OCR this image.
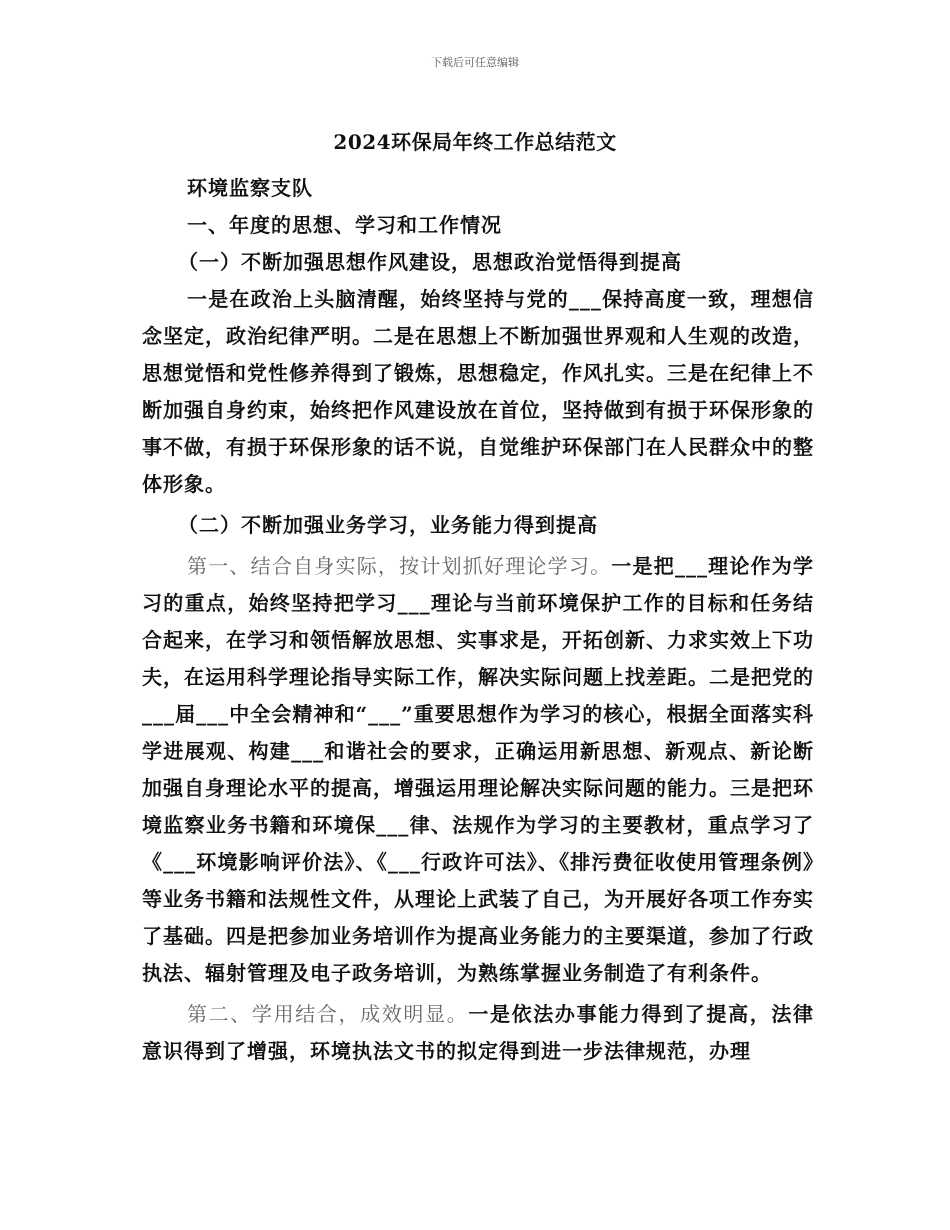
下载后可任意编辑
2024环保局年终工作总结范文

环境监察支队

一、年度的思想、学习和工作情况

（一）不断加强思想作风建设，思想政治觉悟得到提高

一是在政治上头脑清醒，始终坚持与党的___保持高度一致，理想信念坚定，政治纪律严明。二是在思想上不断加强世界观和人生观的改造，思想觉悟和党性修养得到了锻炼，思想稳定，作风扎实。三是在纪律上不断加强自身约束，始终把作风建设放在首位，坚持做到有损于环保形象的事不做，有损于环保形象的话不说，自觉维护环保部门在人民群众中的整体形象。

（二）不断加强业务学习，业务能力得到提高

第一、结合自身实际，按计划抓好理论学习。一是把___理论作为学习的重点，始终坚持把学习___理论与当前环境保护工作的目标和任务结合起来，在学习和领悟解放思想、实事求是，开拓创新、力求实效上下功夫，在运用科学理论指导实际工作，解决实际问题上找差距。二是把党的___届___中全会精神和“___”重要思想作为学习的核心，根据全面落实科学进展观、构建___和谐社会的要求，正确运用新思想、新观点、新论断加强自身理论水平的提高，增强运用理论解决实际问题的能力。三是把环境监察业务书籍和环境保___律、法规作为学习的主要教材，重点学习了《___环境影响评价法》、《___行政许可法》、《排污费征收使用管理条例》等业务书籍和法规性文件，从理论上武装了自己，为开展好各项工作夯实了基础。四是把参加业务培训作为提高业务能力的主要渠道，参加了行政执法、辐射管理及电子政务培训，为熟练掌握业务制造了有利条件。

第二、学用结合，成效明显。一是依法办事能力得到了提高，法律意识得到了增强，环境执法文书的拟定得到进一步法律规范，办理
